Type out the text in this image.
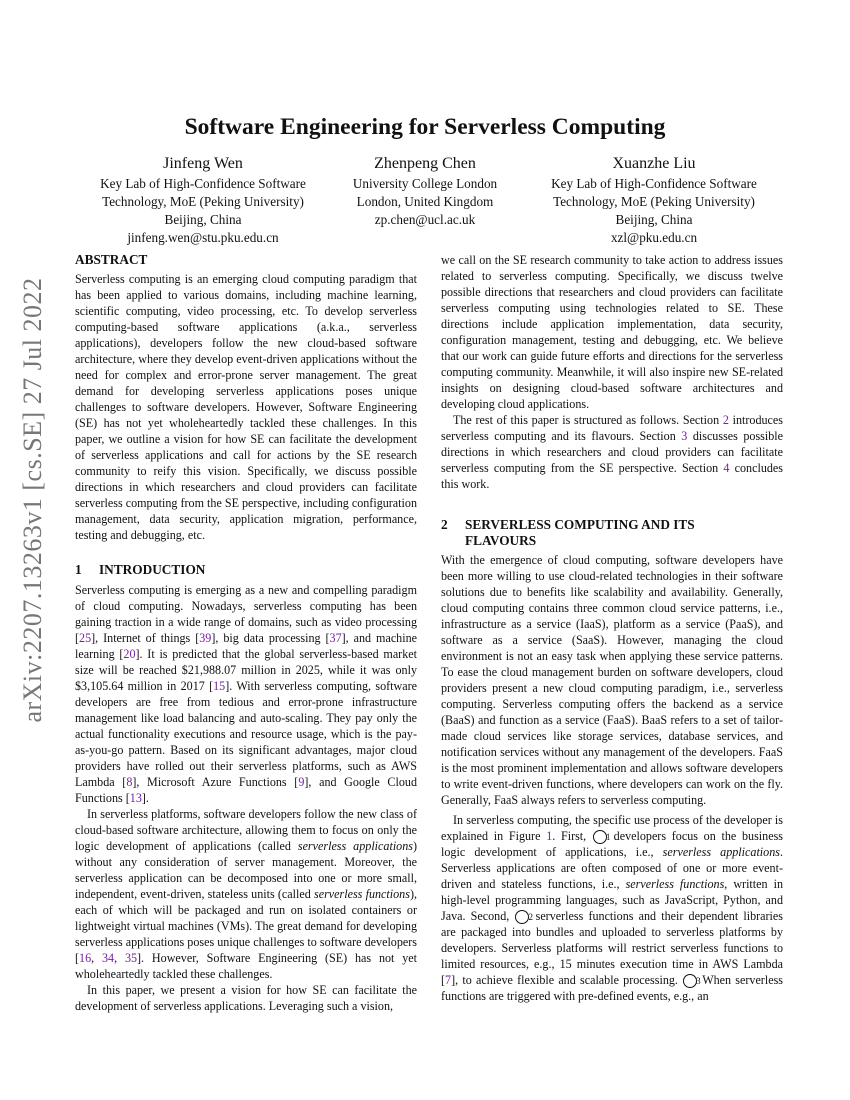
arXiv:2207.13263v1 [cs.SE] 27 Jul 2022
Software Engineering for Serverless Computing
Jinfeng Wen
Key Lab of High-Confidence Software
Technology, MoE (Peking University)
Beijing, China
jinfeng.wen@stu.pku.edu.cn
Zhenpeng Chen
University College London
London, United Kingdom
zp.chen@ucl.ac.uk
Xuanzhe Liu
Key Lab of High-Confidence Software
Technology, MoE (Peking University)
Beijing, China
xzl@pku.edu.cn
ABSTRACT

Serverless computing is an emerging cloud computing paradigm that has been applied to various domains, including machine learning, scientific computing, video processing, etc. To develop serverless computing-based software applications (a.k.a., serverless applications), developers follow the new cloud-based software architecture, where they develop event-driven applications without the need for complex and error-prone server management. The great demand for developing serverless applications poses unique challenges to software developers. However, Software Engineering (SE) has not yet wholeheartedly tackled these challenges. In this paper, we outline a vision for how SE can facilitate the development of serverless applications and call for actions by the SE research community to reify this vision. Specifically, we discuss possible directions in which researchers and cloud providers can facilitate serverless computing from the SE perspective, including configuration management, data security, application migration, performance, testing and debugging, etc.

1 INTRODUCTION

Serverless computing is emerging as a new and compelling paradigm of cloud computing. Nowadays, serverless computing has been gaining traction in a wide range of domains, such as video processing [25], Internet of things [39], big data processing [37], and machine learning [20]. It is predicted that the global serverless-based market size will be reached $21,988.07 million in 2025, while it was only $3,105.64 million in 2017 [15]. With serverless computing, software developers are free from tedious and error-prone infrastructure management like load balancing and auto-scaling. They pay only the actual functionality executions and resource usage, which is the pay-as-you-go pattern. Based on its significant advantages, major cloud providers have rolled out their serverless platforms, such as AWS Lambda [8], Microsoft Azure Functions [9], and Google Cloud Functions [13].

In serverless platforms, software developers follow the new class of cloud-based software architecture, allowing them to focus on only the logic development of applications (called serverless applications) without any consideration of server management. Moreover, the serverless application can be decomposed into one or more small, independent, event-driven, stateless units (called serverless functions), each of which will be packaged and run on isolated containers or lightweight virtual machines (VMs). The great demand for developing serverless applications poses unique challenges to software developers [16, 34, 35]. However, Software Engineering (SE) has not yet wholeheartedly tackled these challenges.

In this paper, we present a vision for how SE can facilitate the development of serverless applications. Leveraging such a vision,

we call on the SE research community to take action to address issues related to serverless computing. Specifically, we discuss twelve possible directions that researchers and cloud providers can facilitate serverless computing using technologies related to SE. These directions include application implementation, data security, configuration management, testing and debugging, etc. We believe that our work can guide future efforts and directions for the serverless computing community. Meanwhile, it will also inspire new SE-related insights on designing cloud-based software architectures and developing cloud applications.

The rest of this paper is structured as follows. Section 2 introduces serverless computing and its flavours. Section 3 discusses possible directions in which researchers and cloud providers can facilitate serverless computing from the SE perspective. Section 4 concludes this work.

2 SERVERLESS COMPUTING AND ITS
FLAVOURS

With the emergence of cloud computing, software developers have been more willing to use cloud-related technologies in their software solutions due to benefits like scalability and availability. Generally, cloud computing contains three common cloud service patterns, i.e., infrastructure as a service (IaaS), platform as a service (PaaS), and software as a service (SaaS). However, managing the cloud environment is not an easy task when applying these service patterns. To ease the cloud management burden on software developers, cloud providers present a new cloud computing paradigm, i.e., serverless computing. Serverless computing offers the backend as a service (BaaS) and function as a service (FaaS). BaaS refers to a set of tailor-made cloud services like storage services, database services, and notification services without any management of the developers. FaaS is the most prominent implementation and allows software developers to write event-driven functions, where developers can work on the fly. Generally, FaaS always refers to serverless computing.

In serverless computing, the specific use process of the developer is explained in Figure 1. First, 1 developers focus on the business logic development of applications, i.e., serverless applications. Serverless applications are often composed of one or more event-driven and stateless functions, i.e., serverless functions, written in high-level programming languages, such as JavaScript, Python, and Java. Second, 2 serverless functions and their dependent libraries are packaged into bundles and uploaded to serverless platforms by developers. Serverless platforms will restrict serverless functions to limited resources, e.g., 15 minutes execution time in AWS Lambda [7], to achieve flexible and scalable processing. 3 When serverless functions are triggered with pre-defined events, e.g., an
